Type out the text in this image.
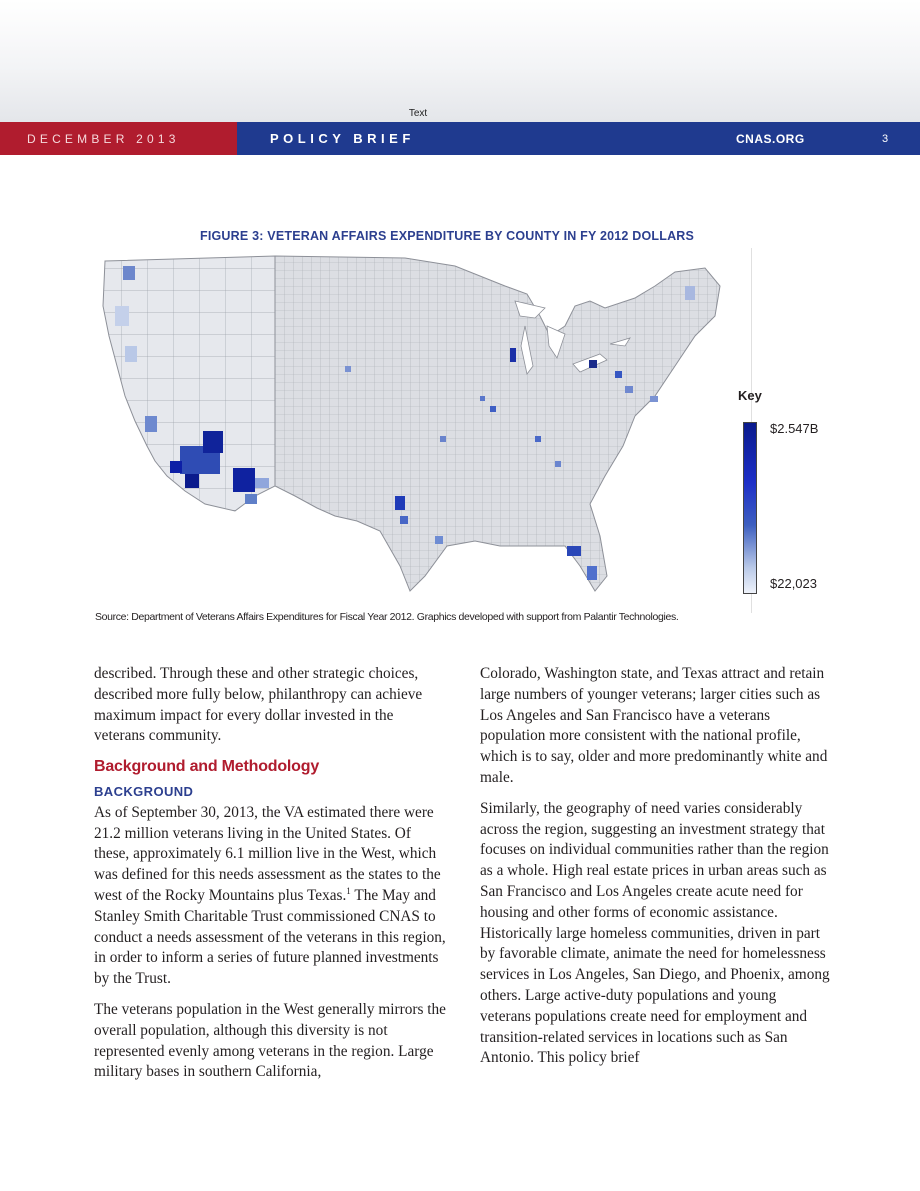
Text
DECEMBER 2013	POLICY BRIEF	CNAS.ORG	3
FIGURE 3: VETERAN AFFAIRS EXPENDITURE BY COUNTY IN FY 2012 DOLLARS
Key
$2.547B
$22,023
Source: Department of Veterans Affairs Expenditures for Fiscal Year 2012. Graphics developed with support from Palantir Technologies.

described. Through these and other strategic choices, described more fully below, philanthropy can achieve maximum impact for every dollar invested in the veterans community.

Background and Methodology
BACKGROUND

As of September 30, 2013, the VA estimated there were 21.2 million veterans living in the United States. Of these, approximately 6.1 million live in the West, which was defined for this needs assessment as the states to the west of the Rocky Mountains plus Texas.$^1$ The May and Stanley Smith Charitable Trust commissioned CNAS to conduct a needs assessment of the veterans in this region, in order to inform a series of future planned investments by the Trust.

The veterans population in the West generally mirrors the overall population, although this diversity is not represented evenly among veterans in the region. Large military bases in southern California,

Colorado, Washington state, and Texas attract and retain large numbers of younger veterans; larger cities such as Los Angeles and San Francisco have a veterans population more consistent with the national profile, which is to say, older and more predominantly white and male.

Similarly, the geography of need varies considerably across the region, suggesting an investment strategy that focuses on individual communities rather than the region as a whole. High real estate prices in urban areas such as San Francisco and Los Angeles create acute need for housing and other forms of economic assistance. Historically large homeless communities, driven in part by favorable climate, animate the need for homelessness services in Los Angeles, San Diego, and Phoenix, among others. Large active-duty populations and young veterans populations create need for employment and transition-related services in locations such as San Antonio. This policy brief
